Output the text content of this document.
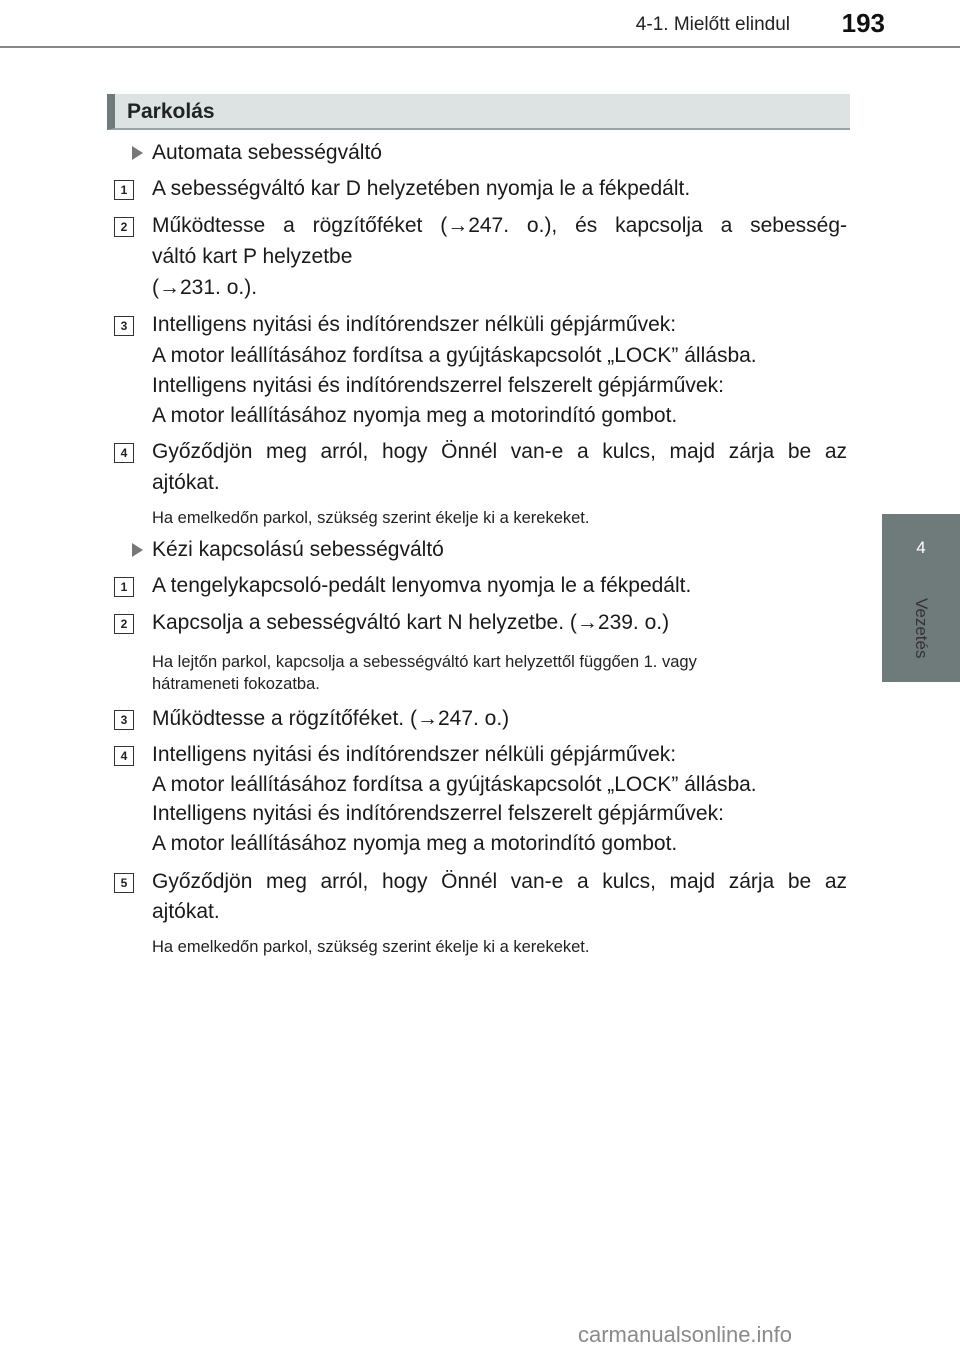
4-1. Mielőtt elindul	193
4
Vezetés
Parkolás
Automata sebességváltó
1	A sebességváltó kar D helyzetében nyomja le a fékpedált.
2	Működtesse a rögzítőféket (→247. o.), és kapcsolja a sebesség-
váltó kart P helyzetbe
(→231. o.).
3	Intelligens nyitási és indítórendszer nélküli gépjárművek:
A motor leállításához fordítsa a gyújtáskapcsolót „LOCK” állásba.
Intelligens nyitási és indítórendszerrel felszerelt gépjárművek:
A motor leállításához nyomja meg a motorindító gombot.
4	Győződjön meg arról, hogy Önnél van-e a kulcs, majd zárja be az
ajtókat.
Ha emelkedőn parkol, szükség szerint ékelje ki a kerekeket.
Kézi kapcsolású sebességváltó
1	A tengelykapcsoló-pedált lenyomva nyomja le a fékpedált.
2	Kapcsolja a sebességváltó kart N helyzetbe. (→239. o.)
Ha lejtőn parkol, kapcsolja a sebességváltó kart helyzettől függően 1. vagy
hátrameneti fokozatba.
3	Működtesse a rögzítőféket. (→247. o.)
4	Intelligens nyitási és indítórendszer nélküli gépjárművek:
A motor leállításához fordítsa a gyújtáskapcsolót „LOCK” állásba.
Intelligens nyitási és indítórendszerrel felszerelt gépjárművek:
A motor leállításához nyomja meg a motorindító gombot.
5	Győződjön meg arról, hogy Önnél van-e a kulcs, majd zárja be az
ajtókat.
Ha emelkedőn parkol, szükség szerint ékelje ki a kerekeket.
carmanualsonline.info
